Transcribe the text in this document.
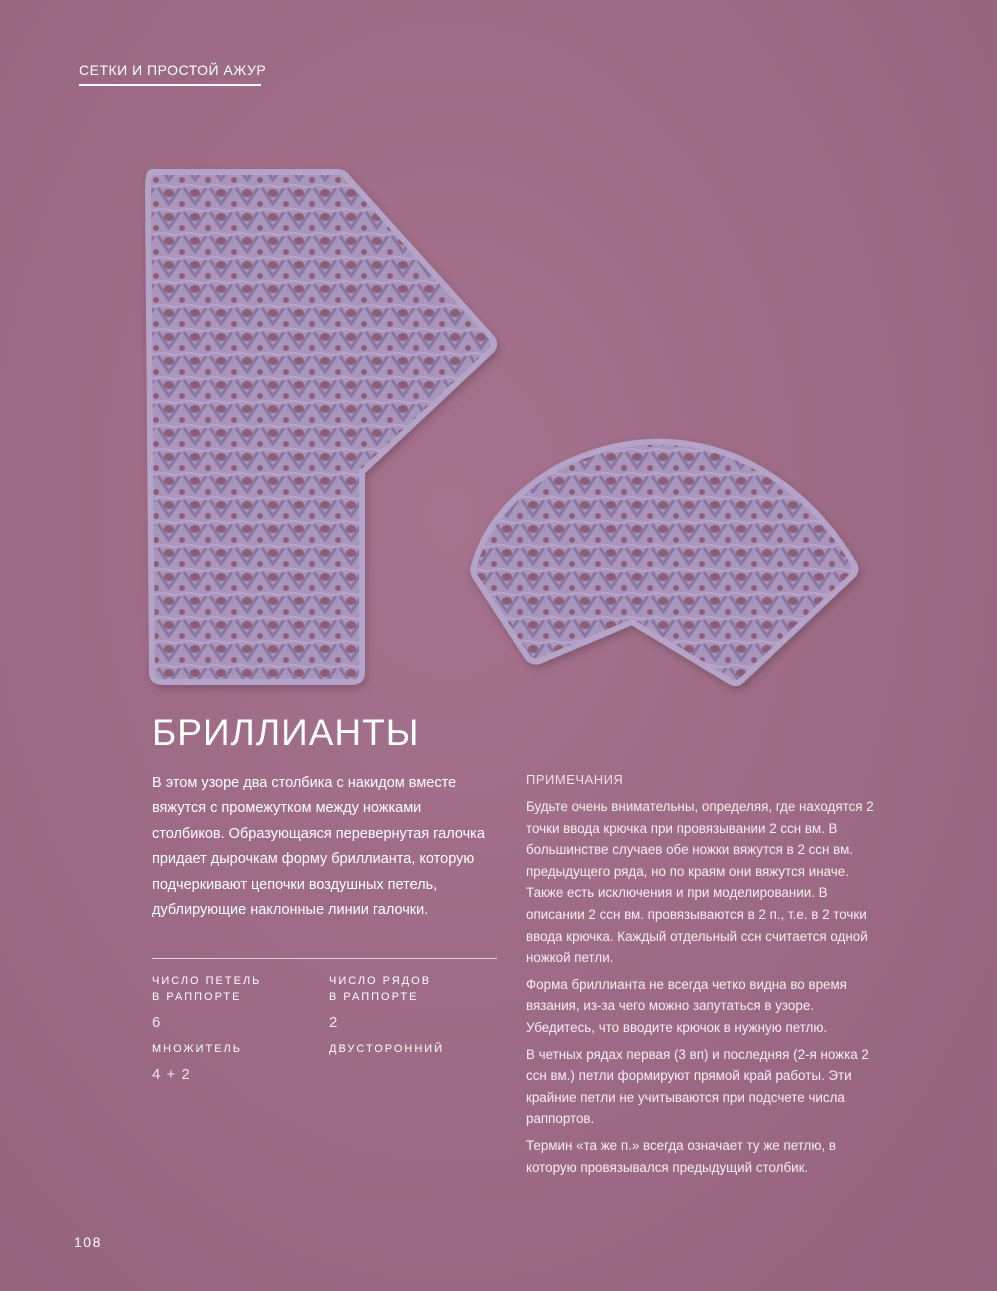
СЕТКИ И ПРОСТОЙ АЖУР
БРИЛЛИАНТЫ

В этом узоре два столбика с накидом вместе вяжутся с промежутком между ножками столбиков. Образующаяся перевернутая галочка придает дырочкам форму бриллианта, которую подчеркивают цепочки воздушных петель, дублирующие наклонные линии галочки.

ЧИСЛО ПЕТЕЛЬ
В РАППОРТЕ
6
ЧИСЛО РЯДОВ
В РАППОРТЕ
2
МНОЖИТЕЛЬ
4 + 2
ДВУСТОРОННИЙ
ПРИМЕЧАНИЯ

Будьте очень внимательны, определяя, где находятся 2 точки ввода крючка при провязывании 2 ссн вм. В большинстве случаев обе ножки вяжутся в 2 ссн вм. предыдущего ряда, но по краям они вяжутся иначе. Также есть исключения и при моделировании. В описании 2 ссн вм. провязываются в 2 п., т.е. в 2 точки ввода крючка. Каждый отдельный ссн считается одной ножкой петли.

Форма бриллианта не всегда четко видна во время вязания, из-за чего можно запутаться в узоре. Убедитесь, что вводите крючок в нужную петлю.

В четных рядах первая (3 вп) и последняя (2-я ножка 2 ссн вм.) петли формируют прямой край работы. Эти крайние петли не учитываются при подсчете числа раппортов.

Термин «та же п.» всегда означает ту же петлю, в которую провязывался предыдущий столбик.

108
